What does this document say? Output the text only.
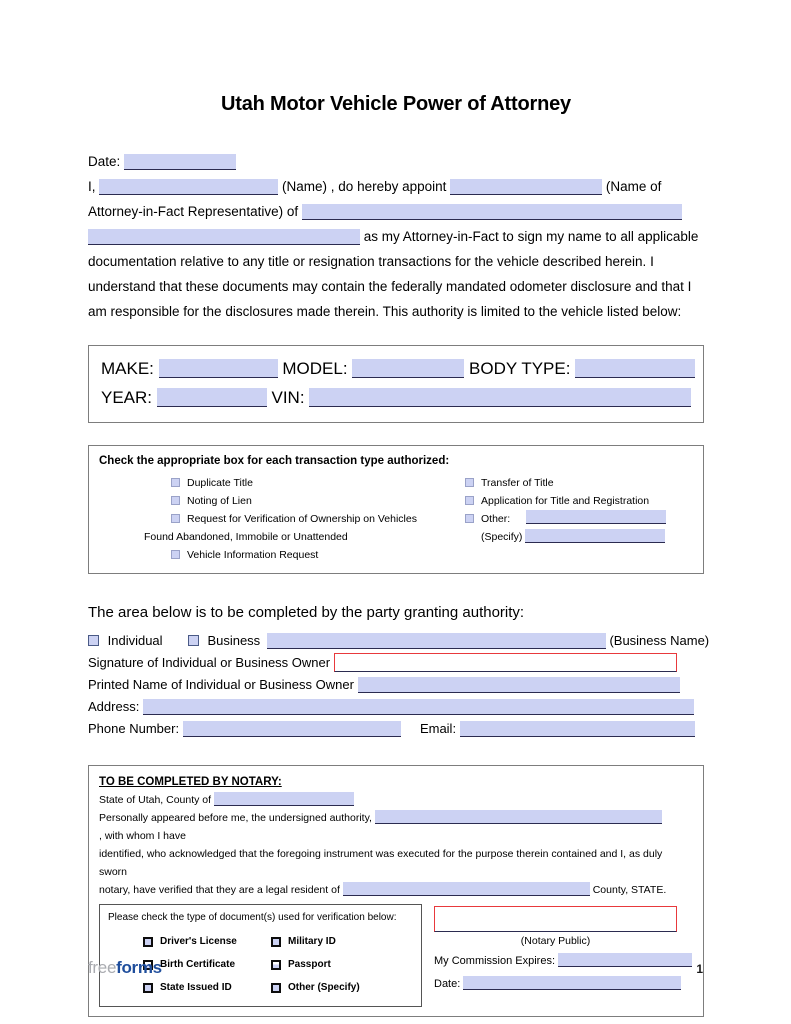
Utah Motor Vehicle Power of Attorney
Date:
I,	(Name) , do hereby appoint	(Name of
Attorney-in-Fact Representative) of
as my Attorney-in-Fact to sign my name to all applicable documentation relative to any title or resignation transactions for the vehicle described herein. I understand that these documents may contain the federally mandated odometer disclosure and that I am responsible for the disclosures made therein. This authority is limited to the vehicle listed below:
MAKE:	MODEL:	BODY TYPE:
YEAR:	VIN:
Check the appropriate box for each transaction type authorized:
Duplicate Title
Noting of Lien
Request for Verification of Ownership on Vehicles
Found Abandoned, Immobile or Unattended
Vehicle Information Request
Transfer of Title
Application for Title and Registration
Other:
(Specify)
The area below is to be completed by the party granting authority:
Individual	Business	(Business Name)
Signature of Individual or Business Owner
Printed Name of Individual or Business Owner
Address:
Phone Number:	Email:
TO BE COMPLETED BY NOTARY:
State of Utah, County of
Personally appeared before me, the undersigned authority,  , with whom I have
identified, who acknowledged that the foregoing instrument was executed for the purpose therein contained and I, as duly sworn
notary, have verified that they are a legal resident of	County, STATE.
Please check the type of document(s) used for verification below:
Driver's License
Birth Certificate
State Issued ID
Military ID
Passport
Other (Specify)
(Notary Public)
My Commission Expires:
Date:
freeforms	1
